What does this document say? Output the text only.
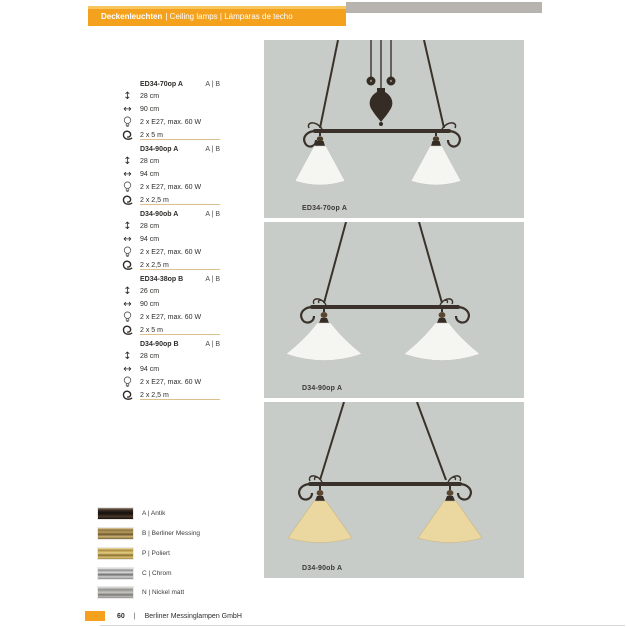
Deckenleuchten | Ceiling lamps | Lámparas de techo
ED34-70op A	A | B
↕	28 cm
↔	90 cm
2 x E27, max. 60 W
2 x 5 m
D34-90op A	A | B
↕	28 cm
↔	94 cm
2 x E27, max. 60 W
2 x 2,5 m
D34-90ob A	A | B
↕	28 cm
↔	94 cm
2 x E27, max. 60 W
2 x 2,5 m
ED34-38op B	A | B
↕	26 cm
↔	90 cm
2 x E27, max. 60 W
2 x 5 m
D34-90op B	A | B
↕	28 cm
↔	94 cm
2 x E27, max. 60 W
2 x 2,5 m
ED34-70op A
D34-90op A
D34-90ob A
A | Antik
B | Berliner Messing
P | Poliert
C | Chrom
N | Nickel matt
60 | Berliner Messinglampen GmbH
